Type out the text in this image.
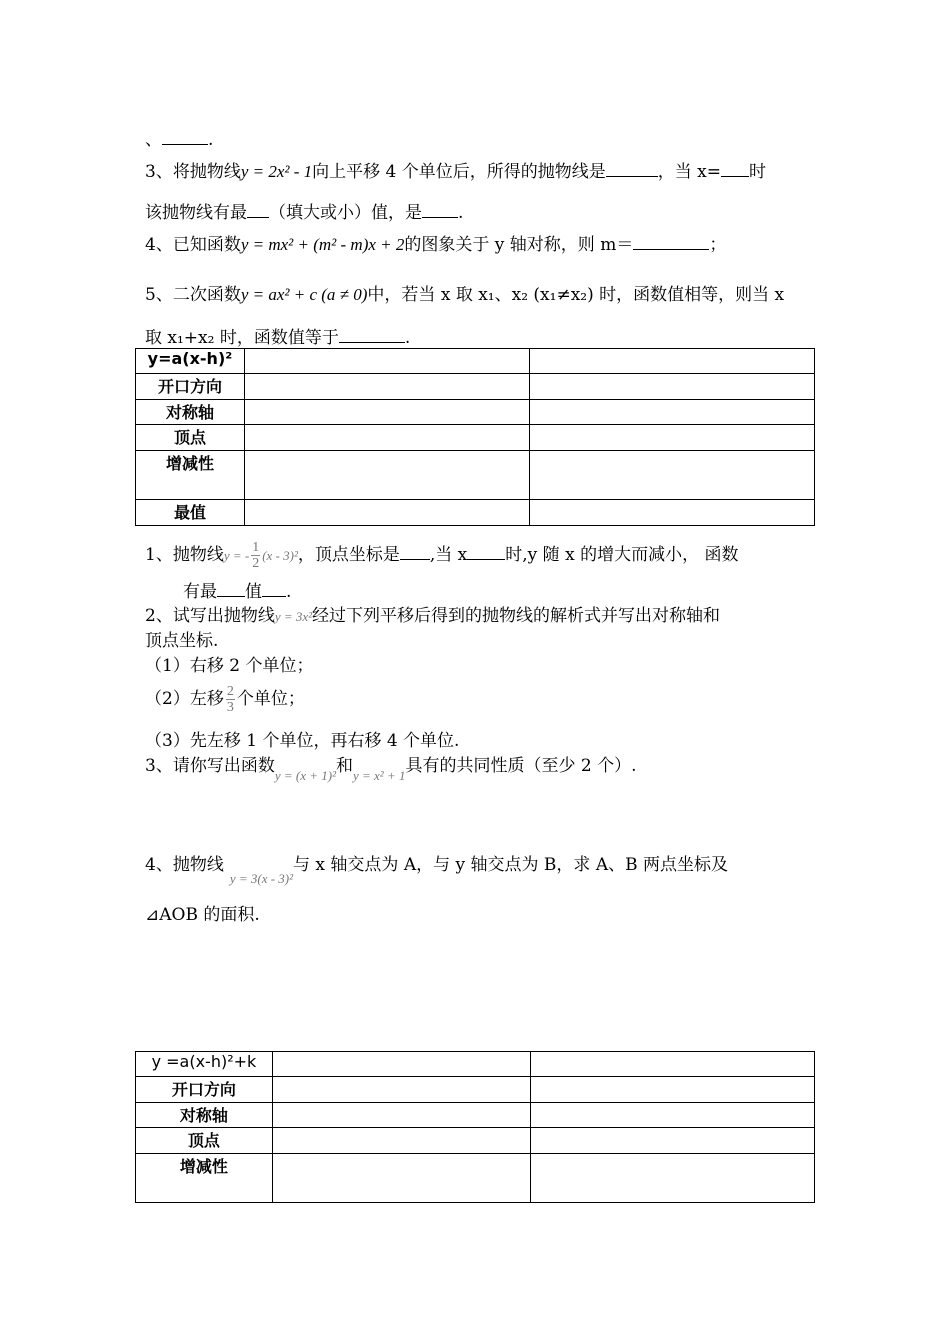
、	.
3、将抛物线y = 2x² - 1向上平移 4 个单位后，所得的抛物线是	，当 x= 时
该抛物线有最 （填大或小）值，是 .
4、已知函数y = mx² + (m² - m)x + 2的图象关于 y 轴对称，则 m＝	；
5、二次函数y = ax² + c (a ≠ 0)中，若当 x 取 x₁、x₂ (x₁≠x₂) 时，函数值相等，则当 x
取 x₁+x₂ 时，函数值等于	.
y=a(x-h)²		
开口方向		
对称轴		
顶点		
增减性		
最值		
1、抛物线y = - $\frac{1}{2} (x - 3)^2$，顶点坐标是 ,当 x 时,y 随 x 的增大而减小， 函数
有最 值 .
2、试写出抛物线y = 3x²经过下列平移后得到的抛物线的解析式并写出对称轴和
顶点坐标.
（1）右移 2 个单位；
（2）左移 $\frac{2}{3}$ 个单位；
（3）先左移 1 个单位，再右移 4 个单位.
3、请你写出函数$_{y = (x + 1)^2}$和$_{y = x^2 + 1}$具有的共同性质（至少 2 个）.
4、抛物线$_{y = 3(x - 3)^2}$与 x 轴交点为 A，与 y 轴交点为 B，求 A、B 两点坐标及
⊿AOB 的面积.
y =a(x-h)²+k		
开口方向		
对称轴		
顶点		
增减性		
